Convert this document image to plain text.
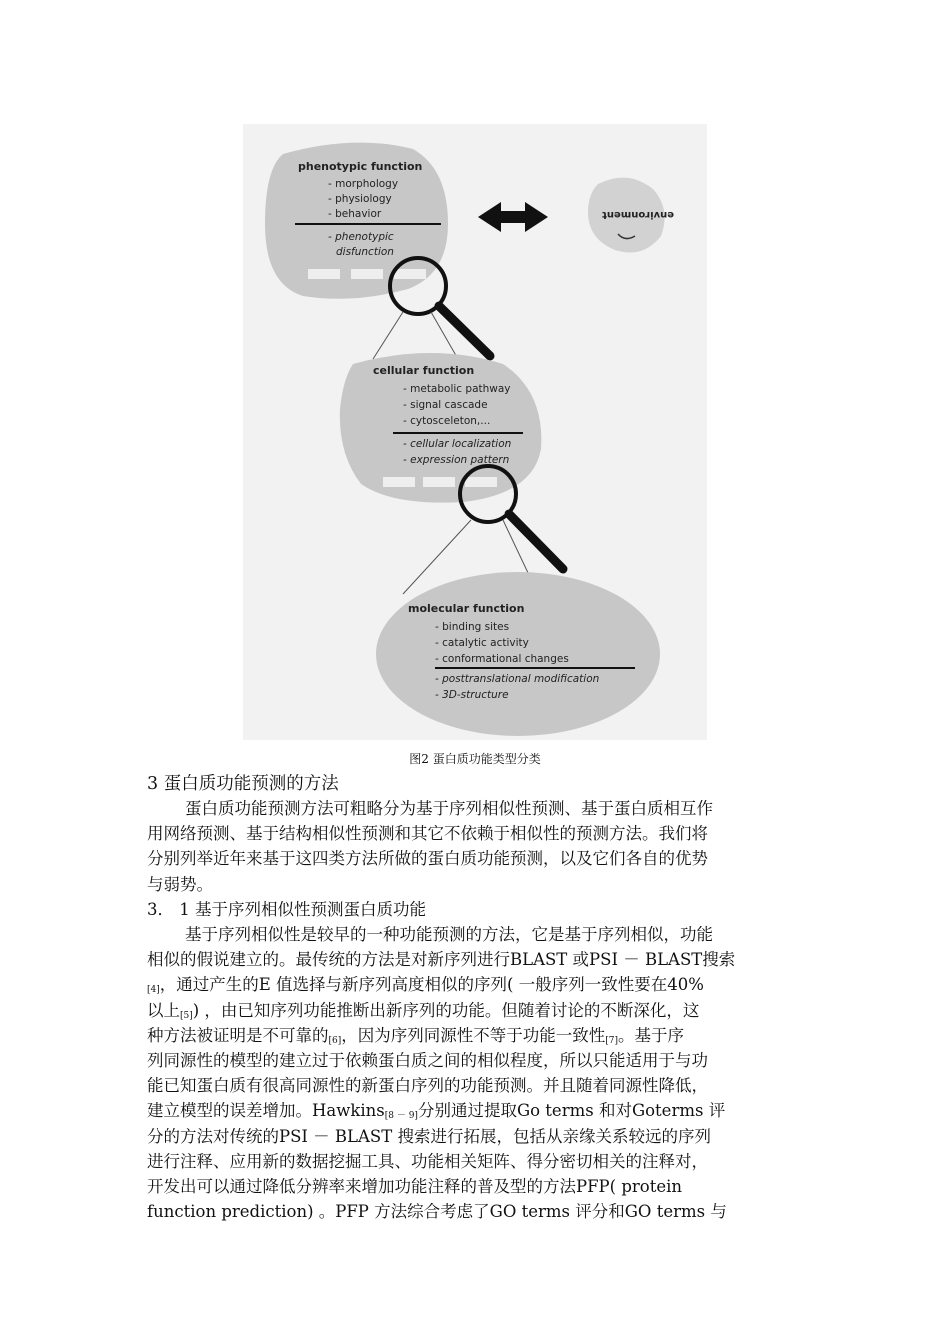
phenotypic function
- morphology
- physiology
- behavior
- phenotypic
disfunction
environment
cellular function
- metabolic pathway
- signal cascade
- cytosceleton,...
- cellular localization
- expression pattern
molecular function
- binding sites
- catalytic activity
- conformational changes
- posttranslational modification
- 3D-structure
图2 蛋白质功能类型分类
3 蛋白质功能预测的方法
蛋白质功能预测方法可粗略分为基于序列相似性预测、基于蛋白质相互作
用网络预测、基于结构相似性预测和其它不依赖于相似性的预测方法。我们将
分别列举近年来基于这四类方法所做的蛋白质功能预测，以及它们各自的优势
与弱势。
3． 1 基于序列相似性预测蛋白质功能
基于序列相似性是较早的一种功能预测的方法，它是基于序列相似，功能
相似的假说建立的。最传统的方法是对新序列进行BLAST 或PSI － BLAST搜索
[4]，通过产生的E 值选择与新序列高度相似的序列( 一般序列一致性要在40%
以上[5]) ，由已知序列功能推断出新序列的功能。但随着讨论的不断深化，这
种方法被证明是不可靠的[6]，因为序列同源性不等于功能一致性[7]。基于序
列同源性的模型的建立过于依赖蛋白质之间的相似程度，所以只能适用于与功
能已知蛋白质有很高同源性的新蛋白序列的功能预测。并且随着同源性降低，
建立模型的误差增加。Hawkins[8 － 9]分别通过提取Go terms 和对Goterms 评
分的方法对传统的PSI － BLAST 搜索进行拓展，包括从亲缘关系较远的序列
进行注释、应用新的数据挖掘工具、功能相关矩阵、得分密切相关的注释对，
开发出可以通过降低分辨率来增加功能注释的普及型的方法PFP( protein
function prediction) 。PFP 方法综合考虑了GO terms 评分和GO terms 与
